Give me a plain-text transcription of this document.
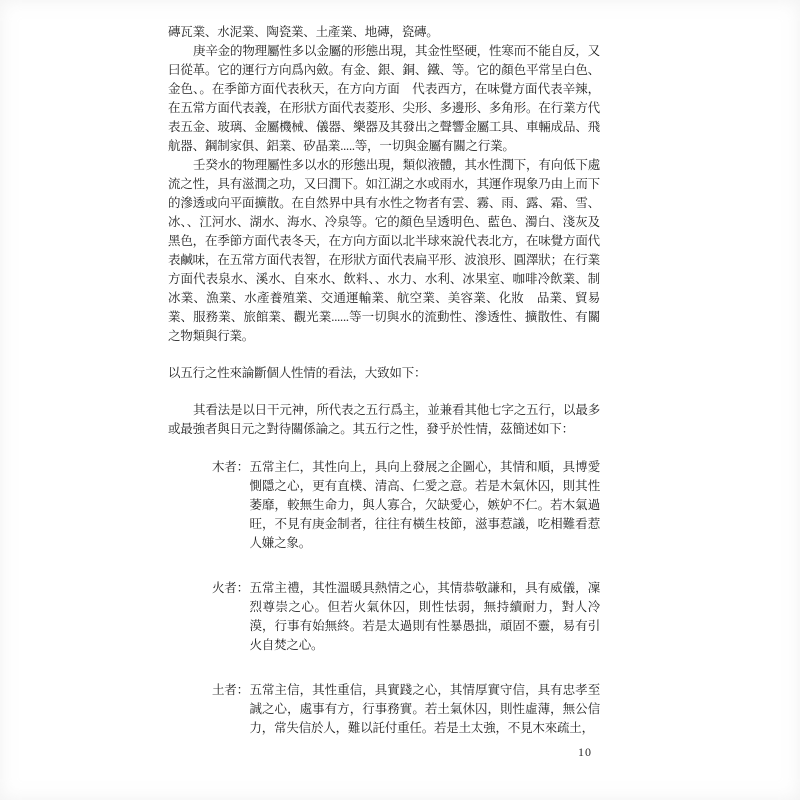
磚瓦業、水泥業、陶瓷業、土產業、地磚，瓷磚。

庚辛金的物理屬性多以金屬的形態出現，其金性堅硬，性寒而不能自反，又曰從革。它的運行方向爲內斂。有金、銀、銅、鐵、等。它的顏色平常呈白色、金色、。在季節方面代表秋天，在方向方面　代表西方，在味覺方面代表辛辣，在五常方面代表義，在形狀方面代表菱形、尖形、多邊形、多角形。在行業方代表五金、玻璃、金屬機械、儀器、樂器及其發出之聲響金屬工具、車輛成品、飛航器、鋼制家俱、鋁業、矽晶業.....等，一切與金屬有關之行業。

壬癸水的物理屬性多以水的形態出現，類似液體，其水性潤下，有向低下處流之性，具有滋潤之功，又曰潤下。如江湖之水或雨水，其運作現象乃由上而下的滲透或向平面擴散。在自然界中具有水性之物者有雲、霧、雨、露、霜、雪、冰、、江河水、湖水、海水、冷泉等。它的顏色呈透明色、藍色、濁白、淺灰及黑色，在季節方面代表冬天，在方向方面以北半球來說代表北方，在味覺方面代表鹹味，在五常方面代表智，在形狀方面代表扁平形、波浪形、圓澤狀；在行業方面代表泉水、溪水、自來水、飲料、、水力、水利、冰果室、咖啡冷飲業、制冰業、漁業、水產養殖業、交通運輸業、航空業、美容業、化妝　品業、貿易業、服務業、旅館業、觀光業......等一切與水的流動性、滲透性、擴散性、有關之物類與行業。

以五行之性來論斷個人性情的看法，大致如下：

其看法是以日干元神，所代表之五行爲主，並兼看其他七字之五行，以最多或最強者與日元之對待關係論之。其五行之性，發乎於性情，茲簡述如下：

木者： 五常主仁，其性向上，具向上發展之企圖心，其情和順，具博愛惻隱之心，更有直樸、清高、仁愛之意。若是木氣休囚，則其性萎靡，較無生命力，與人寡合，欠缺愛心，嫉妒不仁。若木氣過旺，不見有庚金制者，往往有橫生枝節，滋事惹議，吃相難看惹人嫌之象。

火者： 五常主禮，其性溫暖具熱情之心，其情恭敬謙和，具有威儀，凜烈尊崇之心。但若火氣休囚，則性怯弱，無持續耐力，對人冷漠，行事有始無終。若是太過則有性暴愚拙，頑固不靈，易有引火自焚之心。

土者： 五常主信，其性重信，具實踐之心，其情厚實守信，具有忠孝至誠之心，處事有方，行事務實。若土氣休囚，則性虛薄，無公信力，常失信於人，難以託付重任。若是土太強，不見木來疏土，

10
